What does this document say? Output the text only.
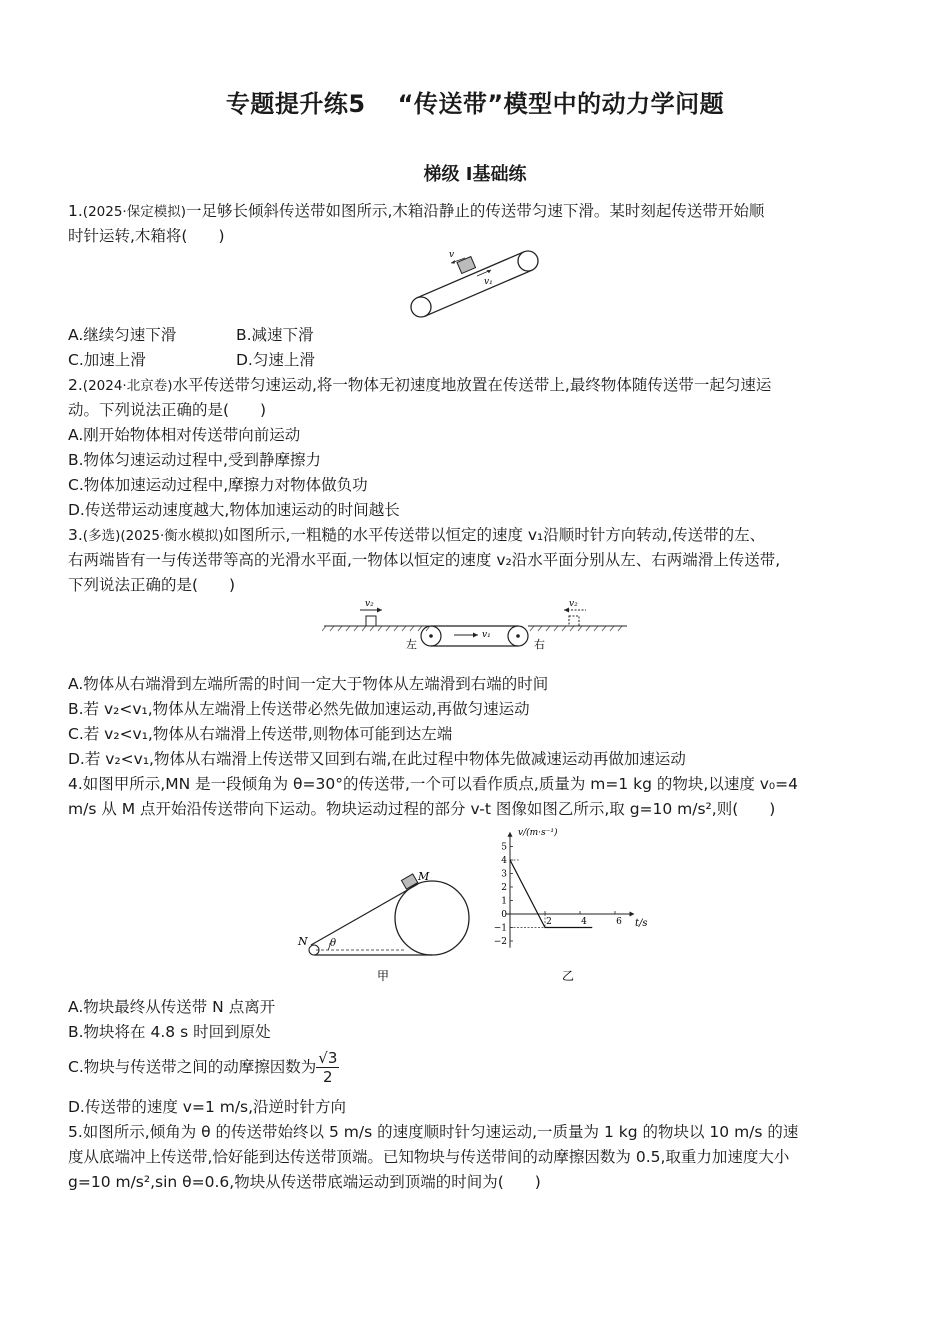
专题提升练5 “传送带”模型中的动力学问题
梯级 Ⅰ基础练
1.(2025·保定模拟)一足够长倾斜传送带如图所示,木箱沿静止的传送带匀速下滑。某时刻起传送带开始顺
时针运转,木箱将(　　)
v
v₁
A.继续匀速下滑	B.减速下滑
C.加速上滑	D.匀速上滑
2.(2024·北京卷)水平传送带匀速运动,将一物体无初速度地放置在传送带上,最终物体随传送带一起匀速运
动。下列说法正确的是(　　)
A.刚开始物体相对传送带向前运动
B.物体匀速运动过程中,受到静摩擦力
C.物体加速运动过程中,摩擦力对物体做负功
D.传送带运动速度越大,物体加速运动的时间越长
3.(多选)(2025·衡水模拟)如图所示,一粗糙的水平传送带以恒定的速度 v₁沿顺时针方向转动,传送带的左、
右两端皆有一与传送带等高的光滑水平面,一物体以恒定的速度 v₂沿水平面分别从左、右两端滑上传送带,
下列说法正确的是(　　)
v₁
v₂	v₂
左	右
A.物体从右端滑到左端所需的时间一定大于物体从左端滑到右端的时间
B.若 v₂<v₁,物体从左端滑上传送带必然先做加速运动,再做匀速运动
C.若 v₂<v₁,物体从右端滑上传送带,则物体可能到达左端
D.若 v₂<v₁,物体从右端滑上传送带又回到右端,在此过程中物体先做减速运动再做加速运动
4.如图甲所示,MN 是一段倾角为 θ=30°的传送带,一个可以看作质点,质量为 m=1 kg 的物块,以速度 v₀=4
m/s 从 M 点开始沿传送带向下运动。物块运动过程的部分 v-t 图像如图乙所示,取 g=10 m/s²,则(　　)
θ
M
N
甲
5
4
3
2
1
0
−1
−2
2	4	6
v/(m·s⁻¹)
t/s
乙
A.物块最终从传送带 N 点离开
B.物块将在 4.8 s 时回到原处
C.物块与传送带之间的动摩擦因数为 $\frac{√3}{2}$
D.传送带的速度 v=1 m/s,沿逆时针方向
5.如图所示,倾角为 θ 的传送带始终以 5 m/s 的速度顺时针匀速运动,一质量为 1 kg 的物块以 10 m/s 的速
度从底端冲上传送带,恰好能到达传送带顶端。已知物块与传送带间的动摩擦因数为 0.5,取重力加速度大小
g=10 m/s²,sin θ=0.6,物块从传送带底端运动到顶端的时间为(　　)
